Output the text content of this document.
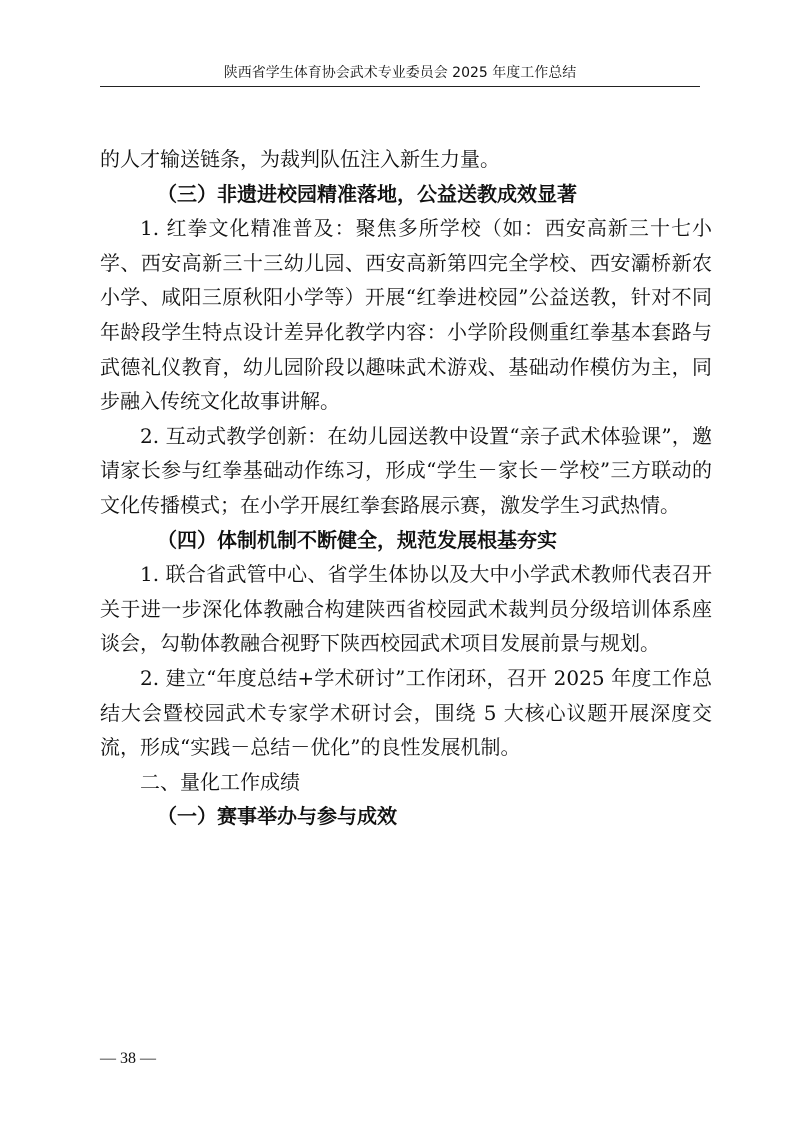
陕西省学生体育协会武术专业委员会 2025 年度工作总结

的人才输送链条，为裁判队伍注入新生力量。

（三）非遗进校园精准落地，公益送教成效显著

1. 红拳文化精准普及：聚焦多所学校（如：西安高新三十七小学、西安高新三十三幼儿园、西安高新第四完全学校、西安灞桥新农小学、咸阳三原秋阳小学等）开展“红拳进校园”公益送教，针对不同年龄段学生特点设计差异化教学内容：小学阶段侧重红拳基本套路与武德礼仪教育，幼儿园阶段以趣味武术游戏、基础动作模仿为主，同步融入传统文化故事讲解。

2. 互动式教学创新：在幼儿园送教中设置“亲子武术体验课”，邀请家长参与红拳基础动作练习，形成“学生－家长－学校”三方联动的文化传播模式；在小学开展红拳套路展示赛，激发学生习武热情。

（四）体制机制不断健全，规范发展根基夯实

1. 联合省武管中心、省学生体协以及大中小学武术教师代表召开关于进一步深化体教融合构建陕西省校园武术裁判员分级培训体系座谈会，勾勒体教融合视野下陕西校园武术项目发展前景与规划。

2. 建立“年度总结+学术研讨”工作闭环，召开 2025 年度工作总结大会暨校园武术专家学术研讨会，围绕 5 大核心议题开展深度交流，形成“实践－总结－优化”的良性发展机制。

二、量化工作成绩

（一）赛事举办与参与成效

— 38 —
